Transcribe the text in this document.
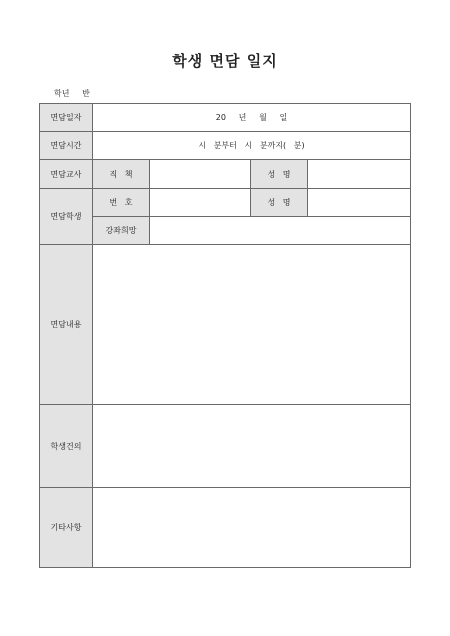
학생 면담 일지
학년     반
면담일자	20     년     월     일			
면담시간	시   분부터   시   분까지(   분)			
면담교사	직   책		성   명	
면담학생	번   호		성   명	
	강좌희망			
면담내용				
학생건의				
기타사항				
